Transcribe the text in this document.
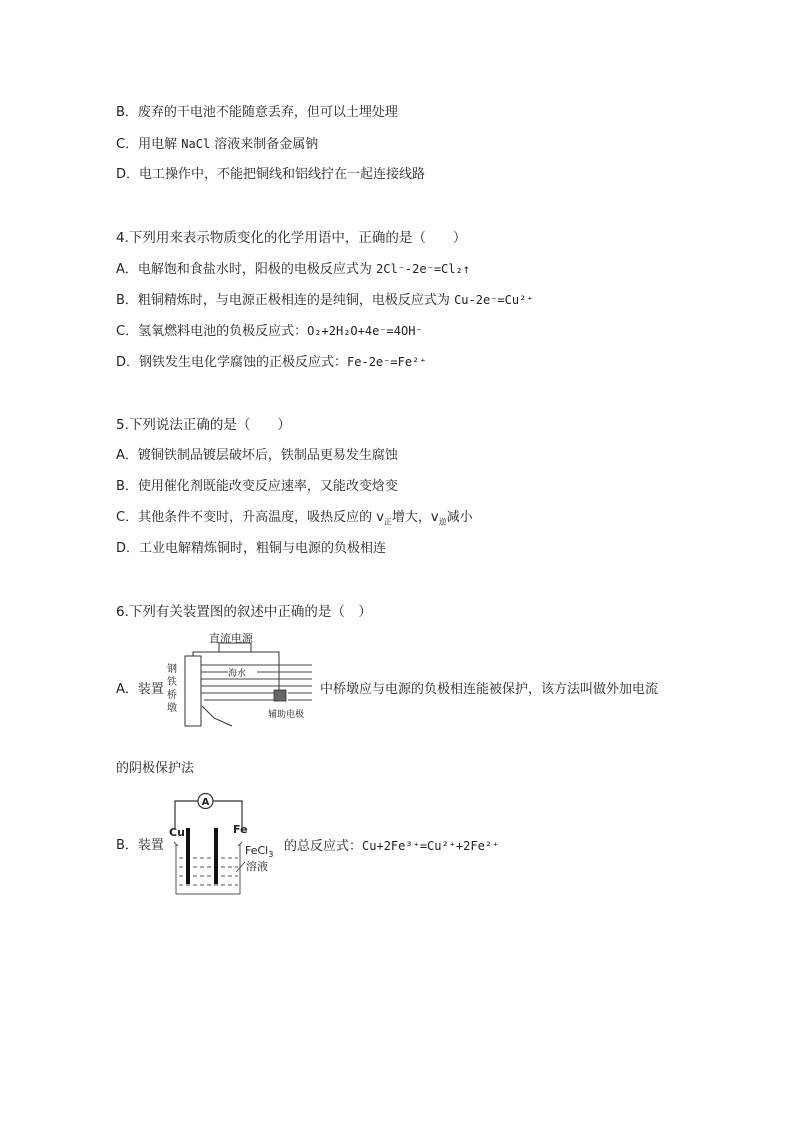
B．废弃的干电池不能随意丢弃，但可以土埋处理
C．用电解 NaCl 溶液来制备金属钠
D．电工操作中，不能把铜线和铝线拧在一起连接线路
4.下列用来表示物质变化的化学用语中，正确的是（　　）
A．电解饱和食盐水时，阳极的电极反应式为 2Cl⁻-2e⁻=Cl₂↑
B．粗铜精炼时，与电源正极相连的是纯铜，电极反应式为 Cu-2e⁻=Cu²⁺
C．氢氧燃料电池的负极反应式：O₂+2H₂O+4e⁻=4OH⁻
D．钢铁发生电化学腐蚀的正极反应式：Fe-2e⁻=Fe²⁺
5.下列说法正确的是（　　）
A．镀铜铁制品镀层破坏后，铁制品更易发生腐蚀
B．使用催化剂既能改变反应速率，又能改变焓变
C．其他条件不变时，升高温度，吸热反应的 $v_正$增大，$v_逆$减小
D．工业电解精炼铜时，粗铜与电源的负极相连
6.下列有关装置图的叙述中正确的是（　）
A．装置
直流电源
钢
铁
桥
墩
海水
辅助电极
中桥墩应与电源的负极相连能被保护，该方法叫做外加电流
的阴极保护法
B．装置
A
Cu	Fe
FeCl$_3$
溶液
的总反应式：Cu+2Fe³⁺=Cu²⁺+2Fe²⁺
